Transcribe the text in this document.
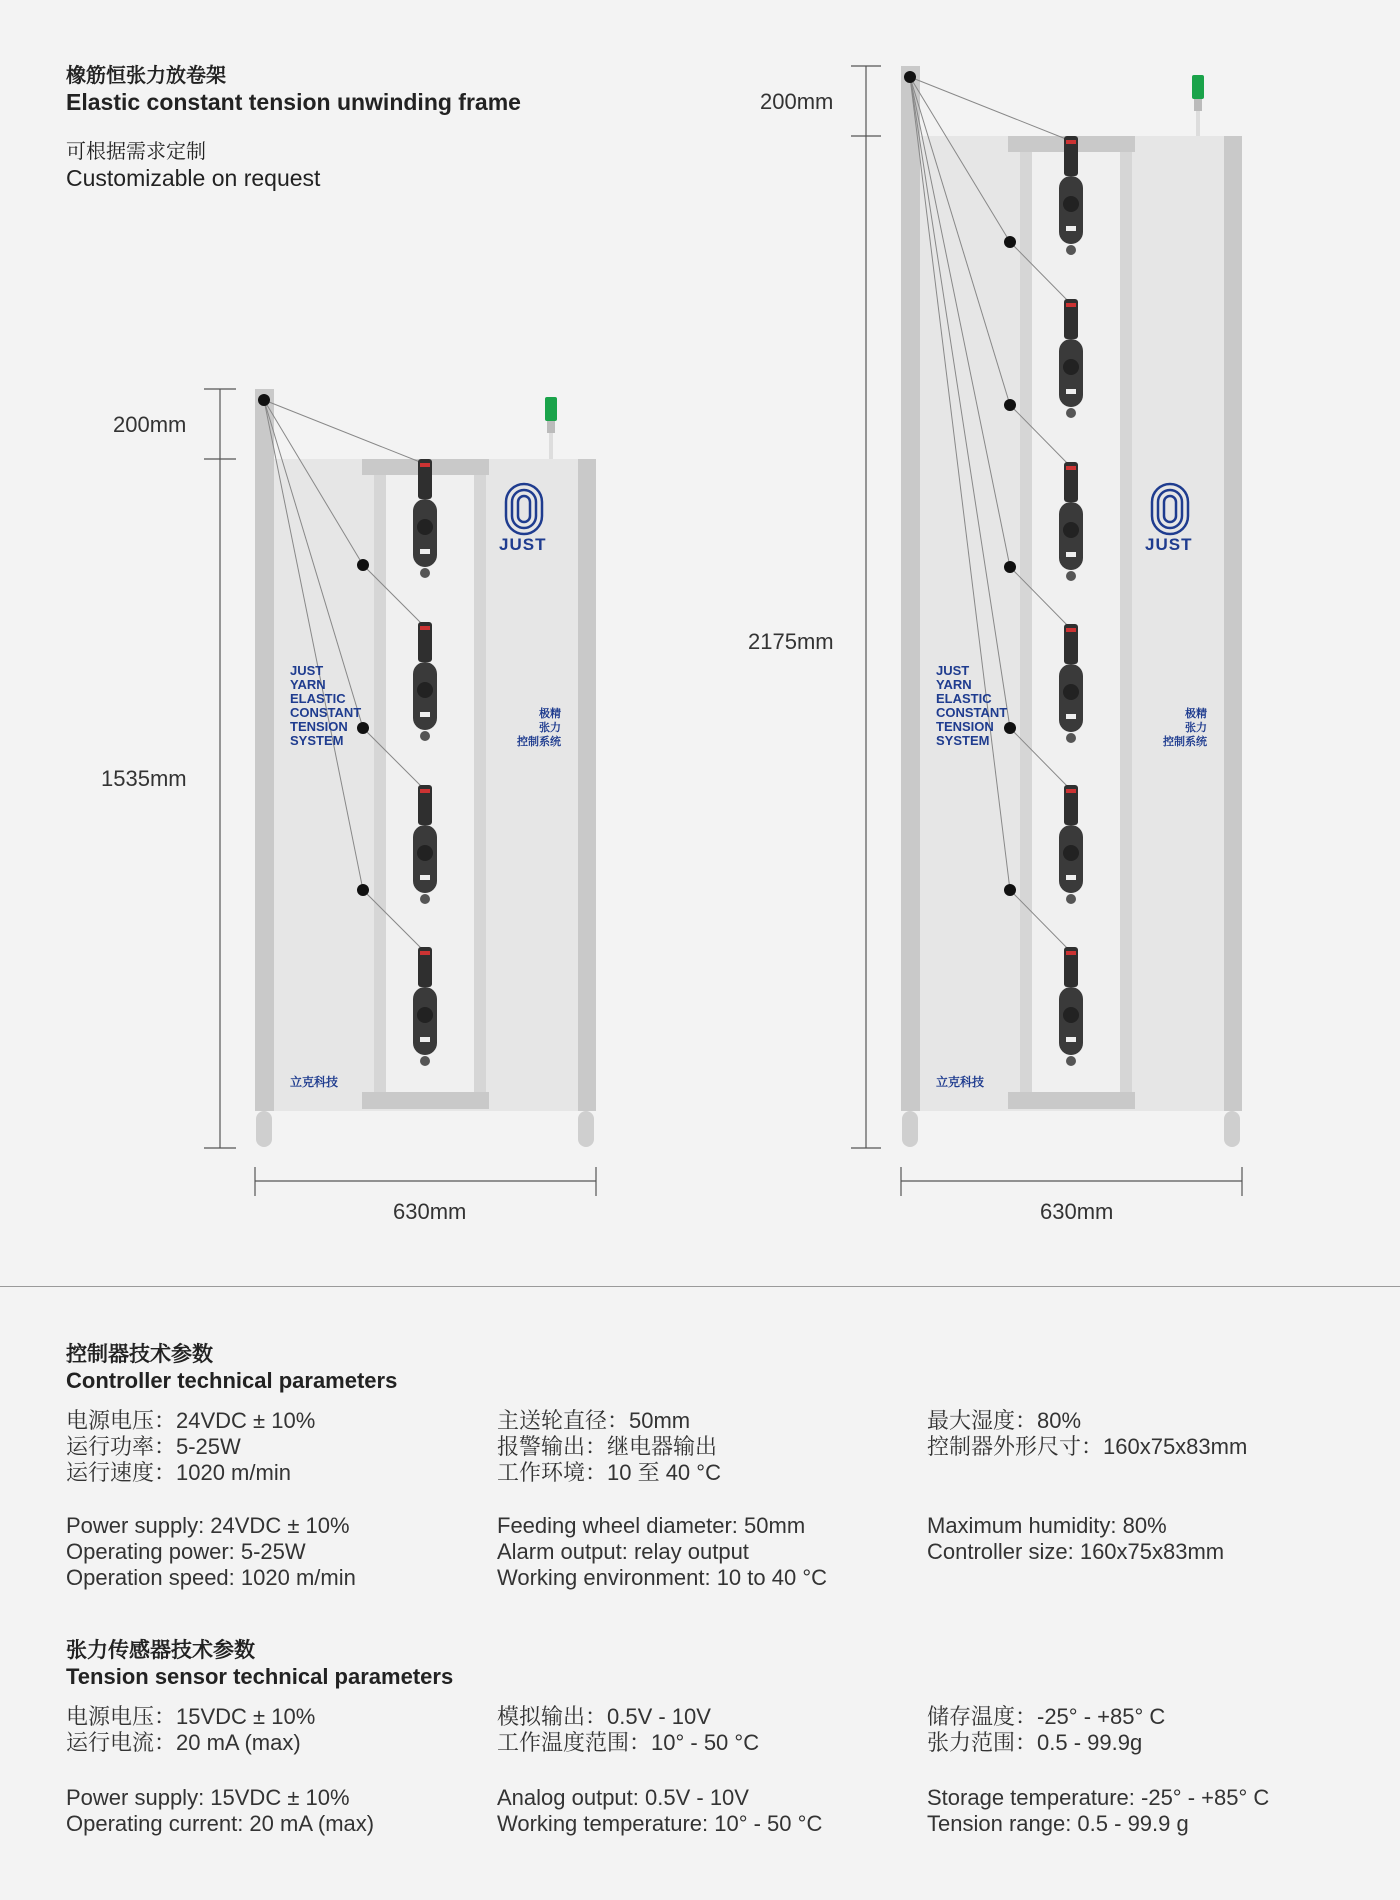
橡筋恒张力放卷架
Elastic constant tension unwinding frame
可根据需求定制
Customizable on request
200mm
1535mm
630mm
200mm
2175mm
630mm
JUST
JUST
YARN
ELASTIC
CONSTANT
TENSION
SYSTEM
极精
张力
控制系统
立克科技
JUST
JUST
YARN
ELASTIC
CONSTANT
TENSION
SYSTEM
极精
张力
控制系统
立克科技
控制器技术参数
Controller technical parameters

电源电压：24VDC ± 10%

运行功率：5-25W

运行速度：1020 m/min

主送轮直径：50mm

报警输出：继电器输出

工作环境：10 至 40 °C

最大湿度：80%

控制器外形尺寸：160x75x83mm

Power supply: 24VDC ± 10%

Operating power: 5-25W

Operation speed: 1020 m/min

Feeding wheel diameter: 50mm

Alarm output: relay output

Working environment: 10 to 40 °C

Maximum humidity: 80%

Controller size: 160x75x83mm

张力传感器技术参数
Tension sensor technical parameters

电源电压：15VDC ± 10%

运行电流：20 mA (max)

模拟输出：0.5V - 10V

工作温度范围：10° - 50 °C

储存温度：-25° - +85° C

张力范围：0.5 - 99.9g

Power supply: 15VDC ± 10%

Operating current: 20 mA (max)

Analog output: 0.5V - 10V

Working temperature: 10° - 50 °C

Storage temperature: -25° - +85° C

Tension range: 0.5 - 99.9 g
